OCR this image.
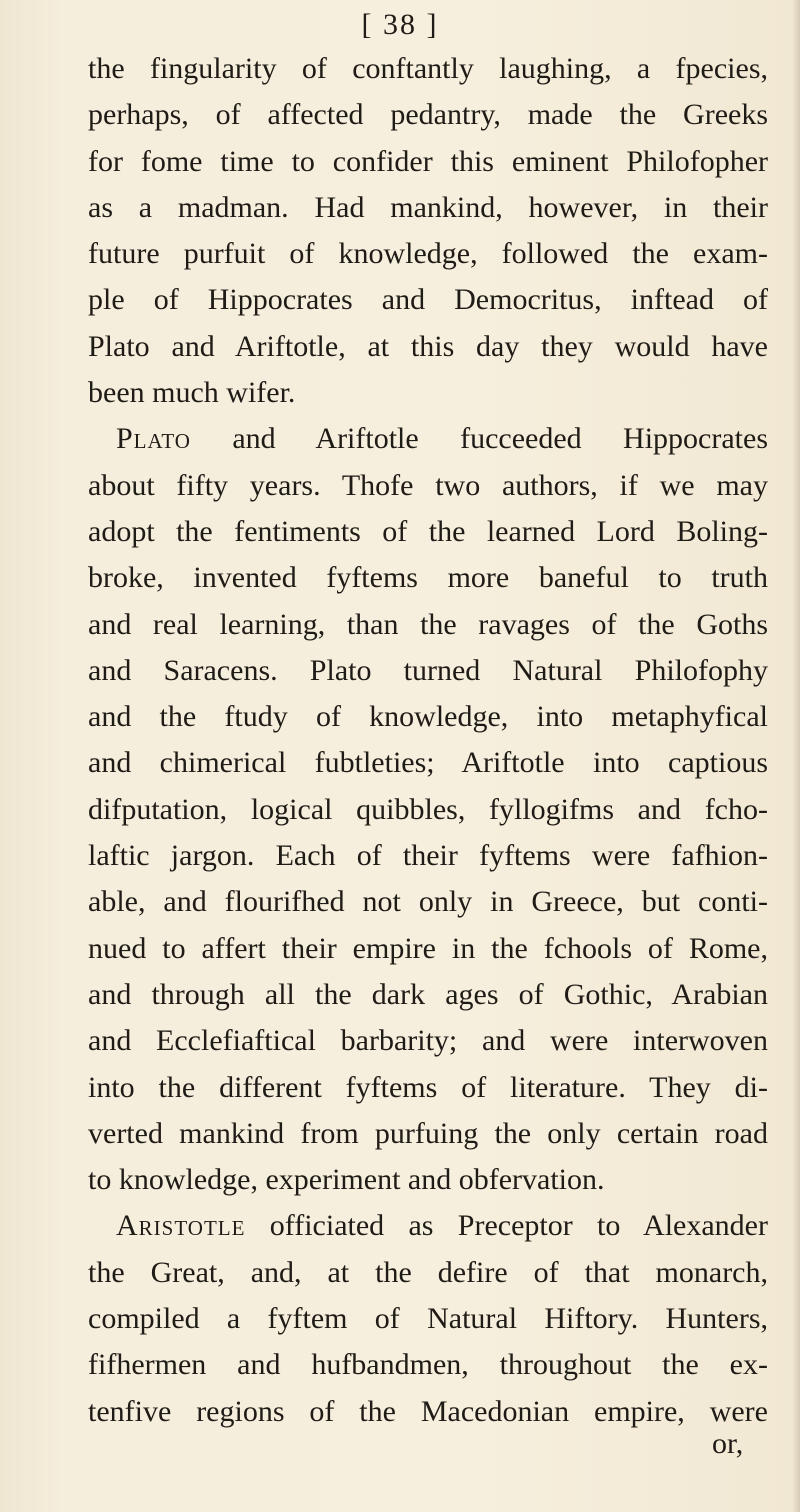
[ 38 ]
the fingularity of conftantly laughing, a fpecies,
perhaps, of affected pedantry, made the Greeks
for fome time to confider this eminent Philofopher
as a madman. Had mankind, however, in their
future purfuit of knowledge, followed the exam-
ple of Hippocrates and Democritus, inftead of
Plato and Ariftotle, at this day they would have
been much wifer.
Plato and Ariftotle fucceeded Hippocrates
about fifty years. Thofe two authors, if we may
adopt the fentiments of the learned Lord Boling-
broke, invented fyftems more baneful to truth
and real learning, than the ravages of the Goths
and Saracens. Plato turned Natural Philofophy
and the ftudy of knowledge, into metaphyfical
and chimerical fubtleties; Ariftotle into captious
difputation, logical quibbles, fyllogifms and fcho-
laftic jargon. Each of their fyftems were fafhion-
able, and flourifhed not only in Greece, but conti-
nued to affert their empire in the fchools of Rome,
and through all the dark ages of Gothic, Arabian
and Ecclefiaftical barbarity; and were interwoven
into the different fyftems of literature. They di-
verted mankind from purfuing the only certain road
to knowledge, experiment and obfervation.
Aristotle officiated as Preceptor to Alexander
the Great, and, at the defire of that monarch,
compiled a fyftem of Natural Hiftory. Hunters,
fifhermen and hufbandmen, throughout the ex-
tenfive regions of the Macedonian empire, were
or,
